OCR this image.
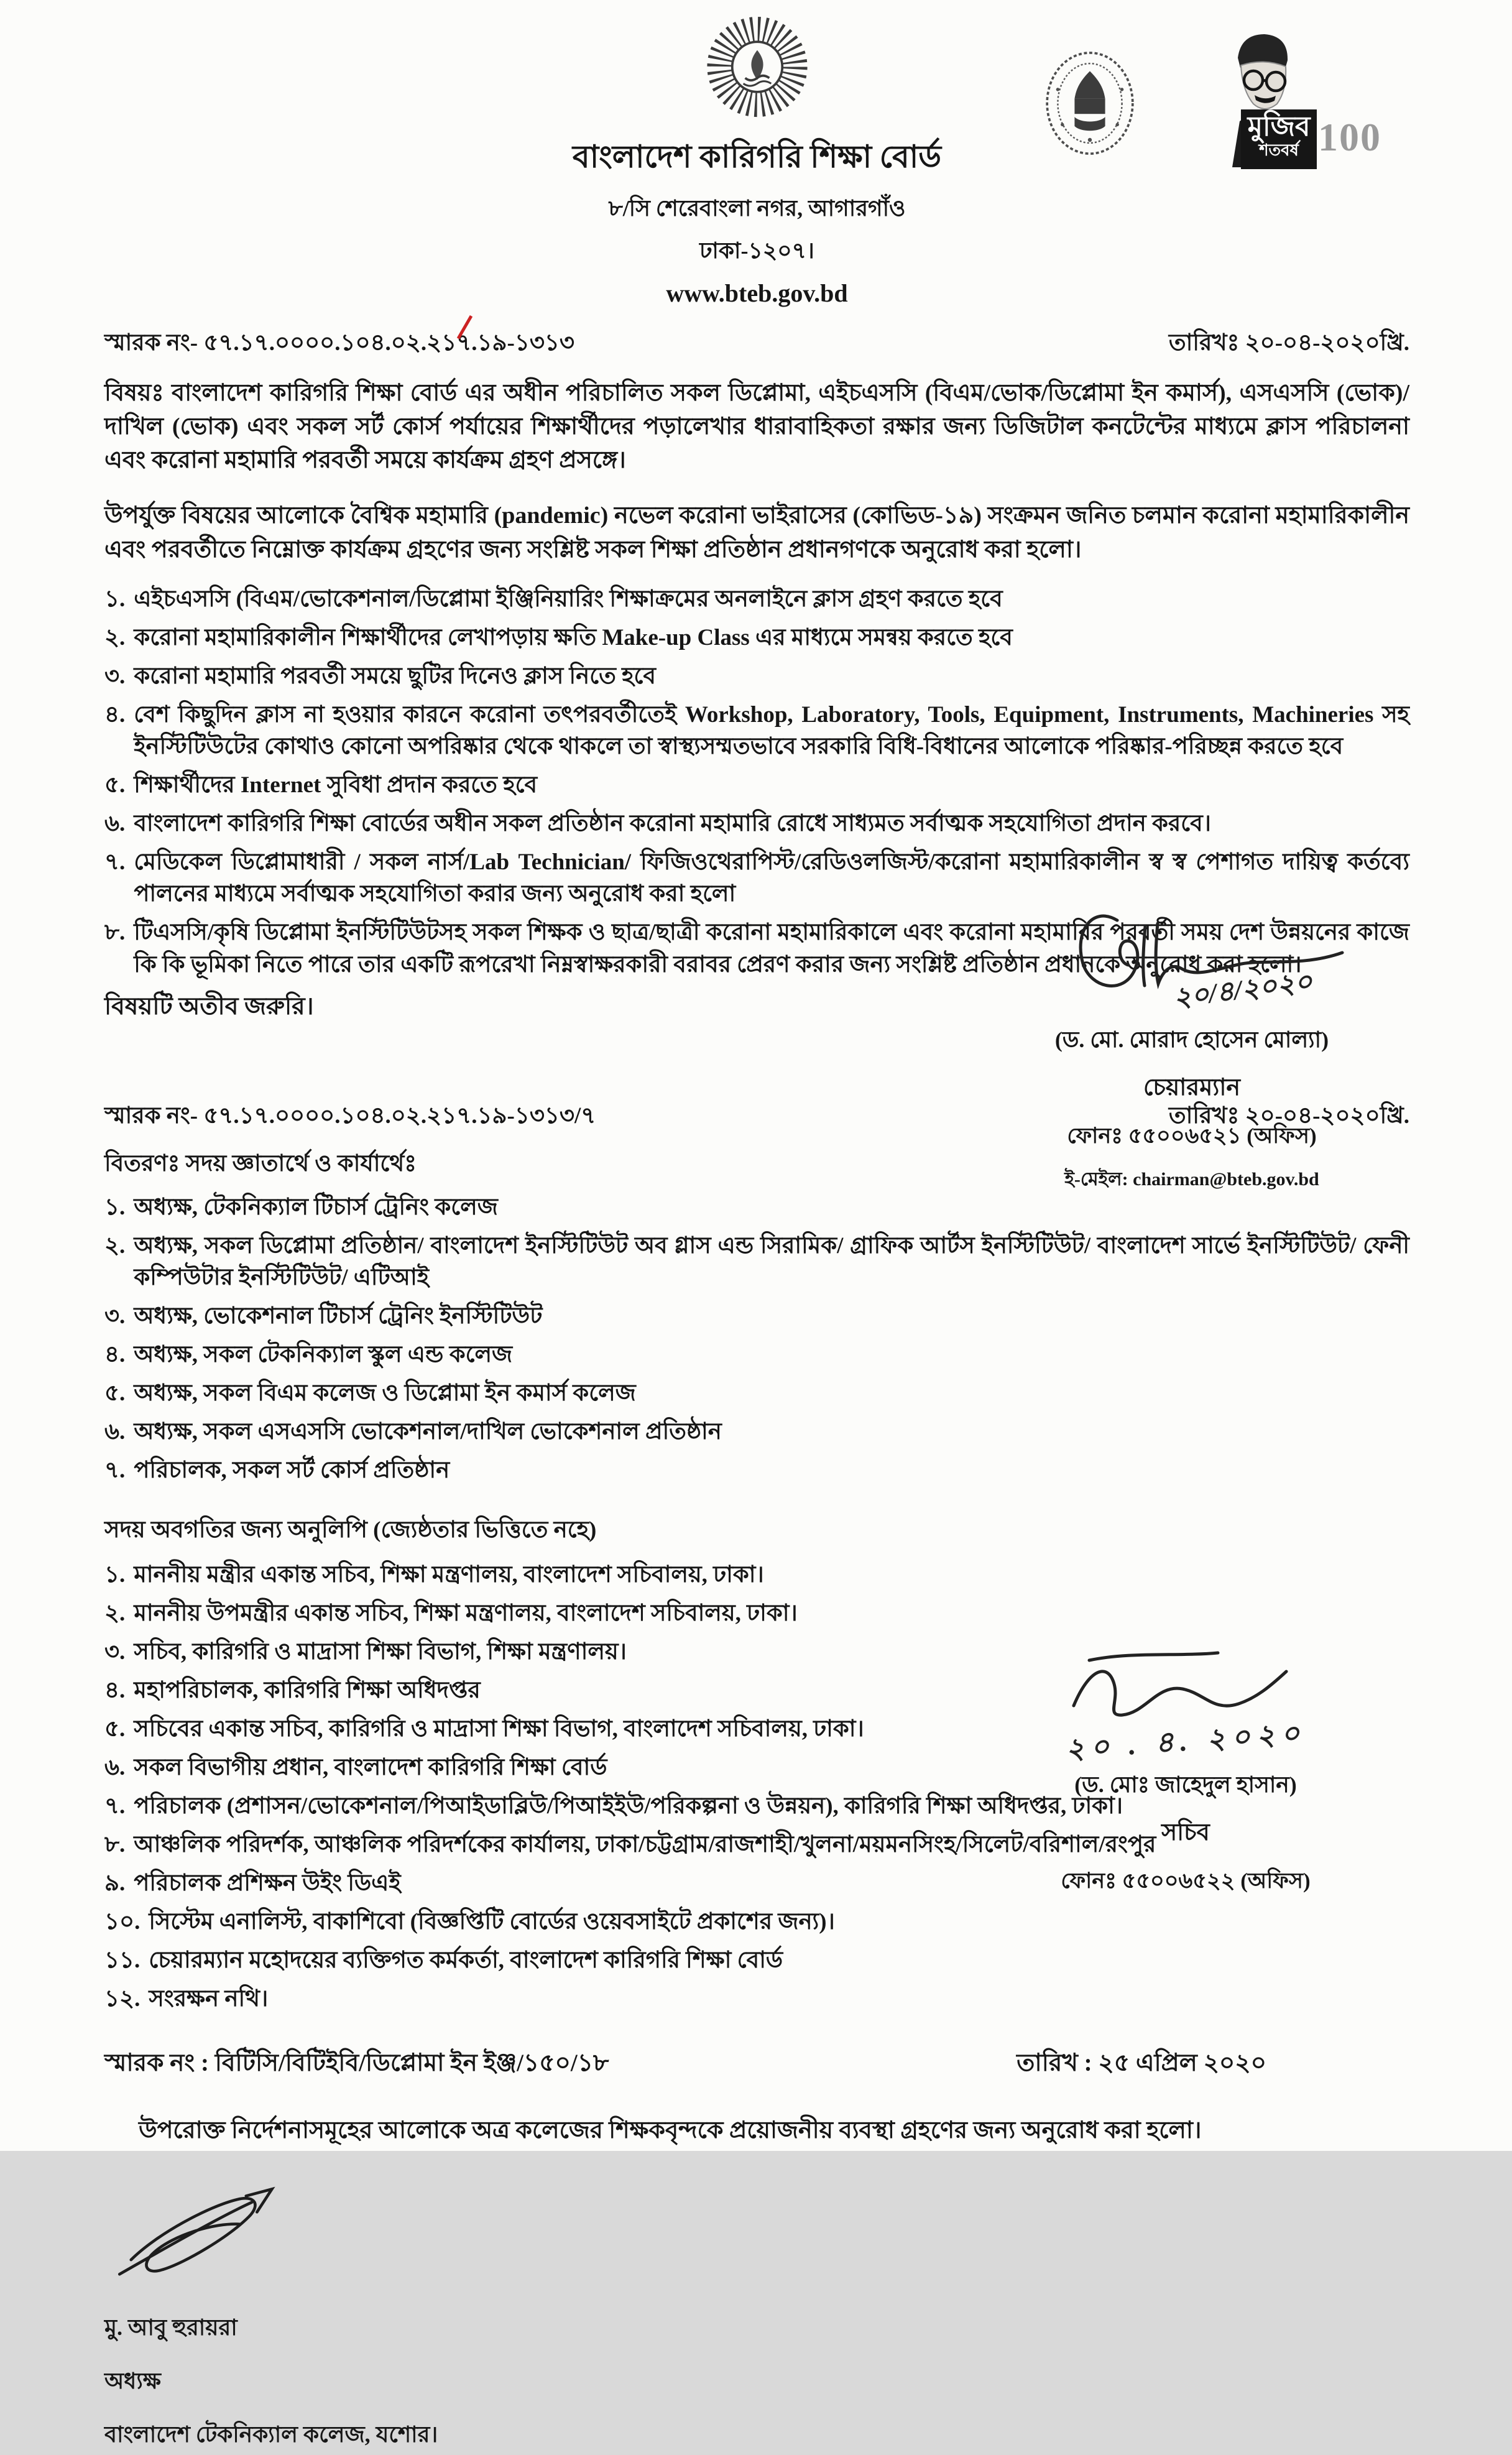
বাংলাদেশ কারিগরি শিক্ষা বোর্ড
৮/সি শেরেবাংলা নগর, আগারগাঁও
ঢাকা-১২০৭।
www.bteb.gov.bd
মুজিব
শতবর্ষ 100
স্মারক নং- ৫৭.১৭.০০০০.১০৪.০২.২১৭.১৯-১৩১৩	তারিখঃ ২০-০৪-২০২০খ্রি.

বিষয়ঃ বাংলাদেশ কারিগরি শিক্ষা বোর্ড এর অধীন পরিচালিত সকল ডিপ্লোমা, এইচএসসি (বিএম/ভোক/ডিপ্লোমা ইন কমার্স), এসএসসি (ভোক)/দাখিল (ভোক) এবং সকল সর্ট কোর্স পর্যায়ের শিক্ষার্থীদের পড়ালেখার ধারাবাহিকতা রক্ষার জন্য ডিজিটাল কনটেন্টের মাধ্যমে ক্লাস পরিচালনা এবং করোনা মহামারি পরবর্তী সময়ে কার্যক্রম গ্রহণ প্রসঙ্গে।

উপর্যুক্ত বিষয়ের আলোকে বৈশ্বিক মহামারি (pandemic) নভেল করোনা ভাইরাসের (কোভিড-১৯) সংক্রমন জনিত চলমান করোনা মহামারিকালীন এবং পরবর্তীতে নিম্নোক্ত কার্যক্রম গ্রহণের জন্য সংশ্লিষ্ট সকল শিক্ষা প্রতিষ্ঠান প্রধানগণকে অনুরোধ করা হলো।

১. এইচএসসি (বিএম/ভোকেশনাল/ডিপ্লোমা ইঞ্জিনিয়ারিং শিক্ষাক্রমের অনলাইনে ক্লাস গ্রহণ করতে হবে
২. করোনা মহামারিকালীন শিক্ষার্থীদের লেখাপড়ায় ক্ষতি Make-up Class এর মাধ্যমে সমন্বয় করতে হবে
৩. করোনা মহামারি পরবর্তী সময়ে ছুটির দিনেও ক্লাস নিতে হবে
৪. বেশ কিছুদিন ক্লাস না হওয়ার কারনে করোনা তৎপরবর্তীতেই Workshop, Laboratory, Tools, Equipment, Instruments, Machineries সহ ইনস্টিটিউটের কোথাও কোনো অপরিষ্কার থেকে থাকলে তা স্বাস্থ্যসম্মতভাবে সরকারি বিধি-বিধানের আলোকে পরিষ্কার-পরিচ্ছন্ন করতে হবে
৫. শিক্ষার্থীদের Internet সুবিধা প্রদান করতে হবে
৬. বাংলাদেশ কারিগরি শিক্ষা বোর্ডের অধীন সকল প্রতিষ্ঠান করোনা মহামারি রোধে সাধ্যমত সর্বাত্মক সহযোগিতা প্রদান করবে।
৭. মেডিকেল ডিপ্লোমাধারী / সকল নার্স/Lab Technician/ ফিজিওথেরাপিস্ট/রেডিওলজিস্ট/করোনা মহামারিকালীন স্ব স্ব পেশাগত দায়িত্ব কর্তব্যে পালনের মাধ্যমে সর্বাত্মক সহযোগিতা করার জন্য অনুরোধ করা হলো
৮. টিএসসি/কৃষি ডিপ্লোমা ইনস্টিটিউটসহ সকল শিক্ষক ও ছাত্র/ছাত্রী করোনা মহামারিকালে এবং করোনা মহামারির পরবর্তী সময় দেশ উন্নয়নের কাজে কি কি ভূমিকা নিতে পারে তার একটি রূপরেখা নিম্নস্বাক্ষরকারী বরাবর প্রেরণ করার জন্য সংশ্লিষ্ট প্রতিষ্ঠান প্রধানকে অনুরোধ করা হলো।
বিষয়টি অতীব জরুরি।	২০/৪/২০২০
(ড. মো. মোরাদ হোসেন মোল্যা)
চেয়ারম্যান
ফোনঃ ৫৫০০৬৫২১ (অফিস)
ই-মেইল: chairman@bteb.gov.bd
স্মারক নং- ৫৭.১৭.০০০০.১০৪.০২.২১৭.১৯-১৩১৩/৭	তারিখঃ ২০-০৪-২০২০খ্রি.
বিতরণঃ সদয় জ্ঞাতার্থে ও কার্যার্থেঃ
১. অধ্যক্ষ, টেকনিক্যাল টিচার্স ট্রেনিং কলেজ
২. অধ্যক্ষ, সকল ডিপ্লোমা প্রতিষ্ঠান/ বাংলাদেশ ইনস্টিটিউট অব গ্লাস এন্ড সিরামিক/ গ্রাফিক আর্টস ইনস্টিটিউট/ বাংলাদেশ সার্ভে ইনস্টিটিউট/ ফেনী কম্পিউটার ইনস্টিটিউট/ এটিআই
৩. অধ্যক্ষ, ভোকেশনাল টিচার্স ট্রেনিং ইনস্টিটিউট
৪. অধ্যক্ষ, সকল টেকনিক্যাল স্কুল এন্ড কলেজ
৫. অধ্যক্ষ, সকল বিএম কলেজ ও ডিপ্লোমা ইন কমার্স কলেজ
৬. অধ্যক্ষ, সকল এসএসসি ভোকেশনাল/দাখিল ভোকেশনাল প্রতিষ্ঠান
৭. পরিচালক, সকল সর্ট কোর্স প্রতিষ্ঠান
সদয় অবগতির জন্য অনুলিপি (জ্যেষ্ঠতার ভিত্তিতে নহে)
১. মাননীয় মন্ত্রীর একান্ত সচিব, শিক্ষা মন্ত্রণালয়, বাংলাদেশ সচিবালয়, ঢাকা।
২. মাননীয় উপমন্ত্রীর একান্ত সচিব, শিক্ষা মন্ত্রণালয়, বাংলাদেশ সচিবালয়, ঢাকা।
৩. সচিব, কারিগরি ও মাদ্রাসা শিক্ষা বিভাগ, শিক্ষা মন্ত্রণালয়।
৪. মহাপরিচালক, কারিগরি শিক্ষা অধিদপ্তর
৫. সচিবের একান্ত সচিব, কারিগরি ও মাদ্রাসা শিক্ষা বিভাগ, বাংলাদেশ সচিবালয়, ঢাকা।
৬. সকল বিভাগীয় প্রধান, বাংলাদেশ কারিগরি শিক্ষা বোর্ড
৭. পরিচালক (প্রশাসন/ভোকেশনাল/পিআইডাব্লিউ/পিআইইউ/পরিকল্পনা ও উন্নয়ন), কারিগরি শিক্ষা অধিদপ্তর, ঢাকা।
৮. আঞ্চলিক পরিদর্শক, আঞ্চলিক পরিদর্শকের কার্যালয়, ঢাকা/চট্টগ্রাম/রাজশাহী/খুলনা/ময়মনসিংহ/সিলেট/বরিশাল/রংপুর
৯. পরিচালক প্রশিক্ষন উইং ডিএই
১০. সিস্টেম এনালিস্ট, বাকাশিবো (বিজ্ঞপ্তিটি বোর্ডের ওয়েবসাইটে প্রকাশের জন্য)।
১১. চেয়ারম্যান মহোদয়ের ব্যক্তিগত কর্মকর্তা, বাংলাদেশ কারিগরি শিক্ষা বোর্ড
১২. সংরক্ষন নথি।
২০ . ৪. ২০২০
(ড. মোঃ জাহেদুল হাসান)
সচিব
ফোনঃ ৫৫০০৬৫২২ (অফিস)
স্মারক নং : বিটিসি/বিটিইবি/ডিপ্লোমা ইন ইঞ্জ/১৫০/১৮	তারিখ : ২৫ এপ্রিল ২০২০

উপরোক্ত নির্দেশনাসমূহের আলোকে অত্র কলেজের শিক্ষকবৃন্দকে প্রয়োজনীয় ব্যবস্থা গ্রহণের জন্য অনুরোধ করা হলো।

মু. আবু হুরায়রা
অধ্যক্ষ
বাংলাদেশ টেকনিক্যাল কলেজ, যশোর।
